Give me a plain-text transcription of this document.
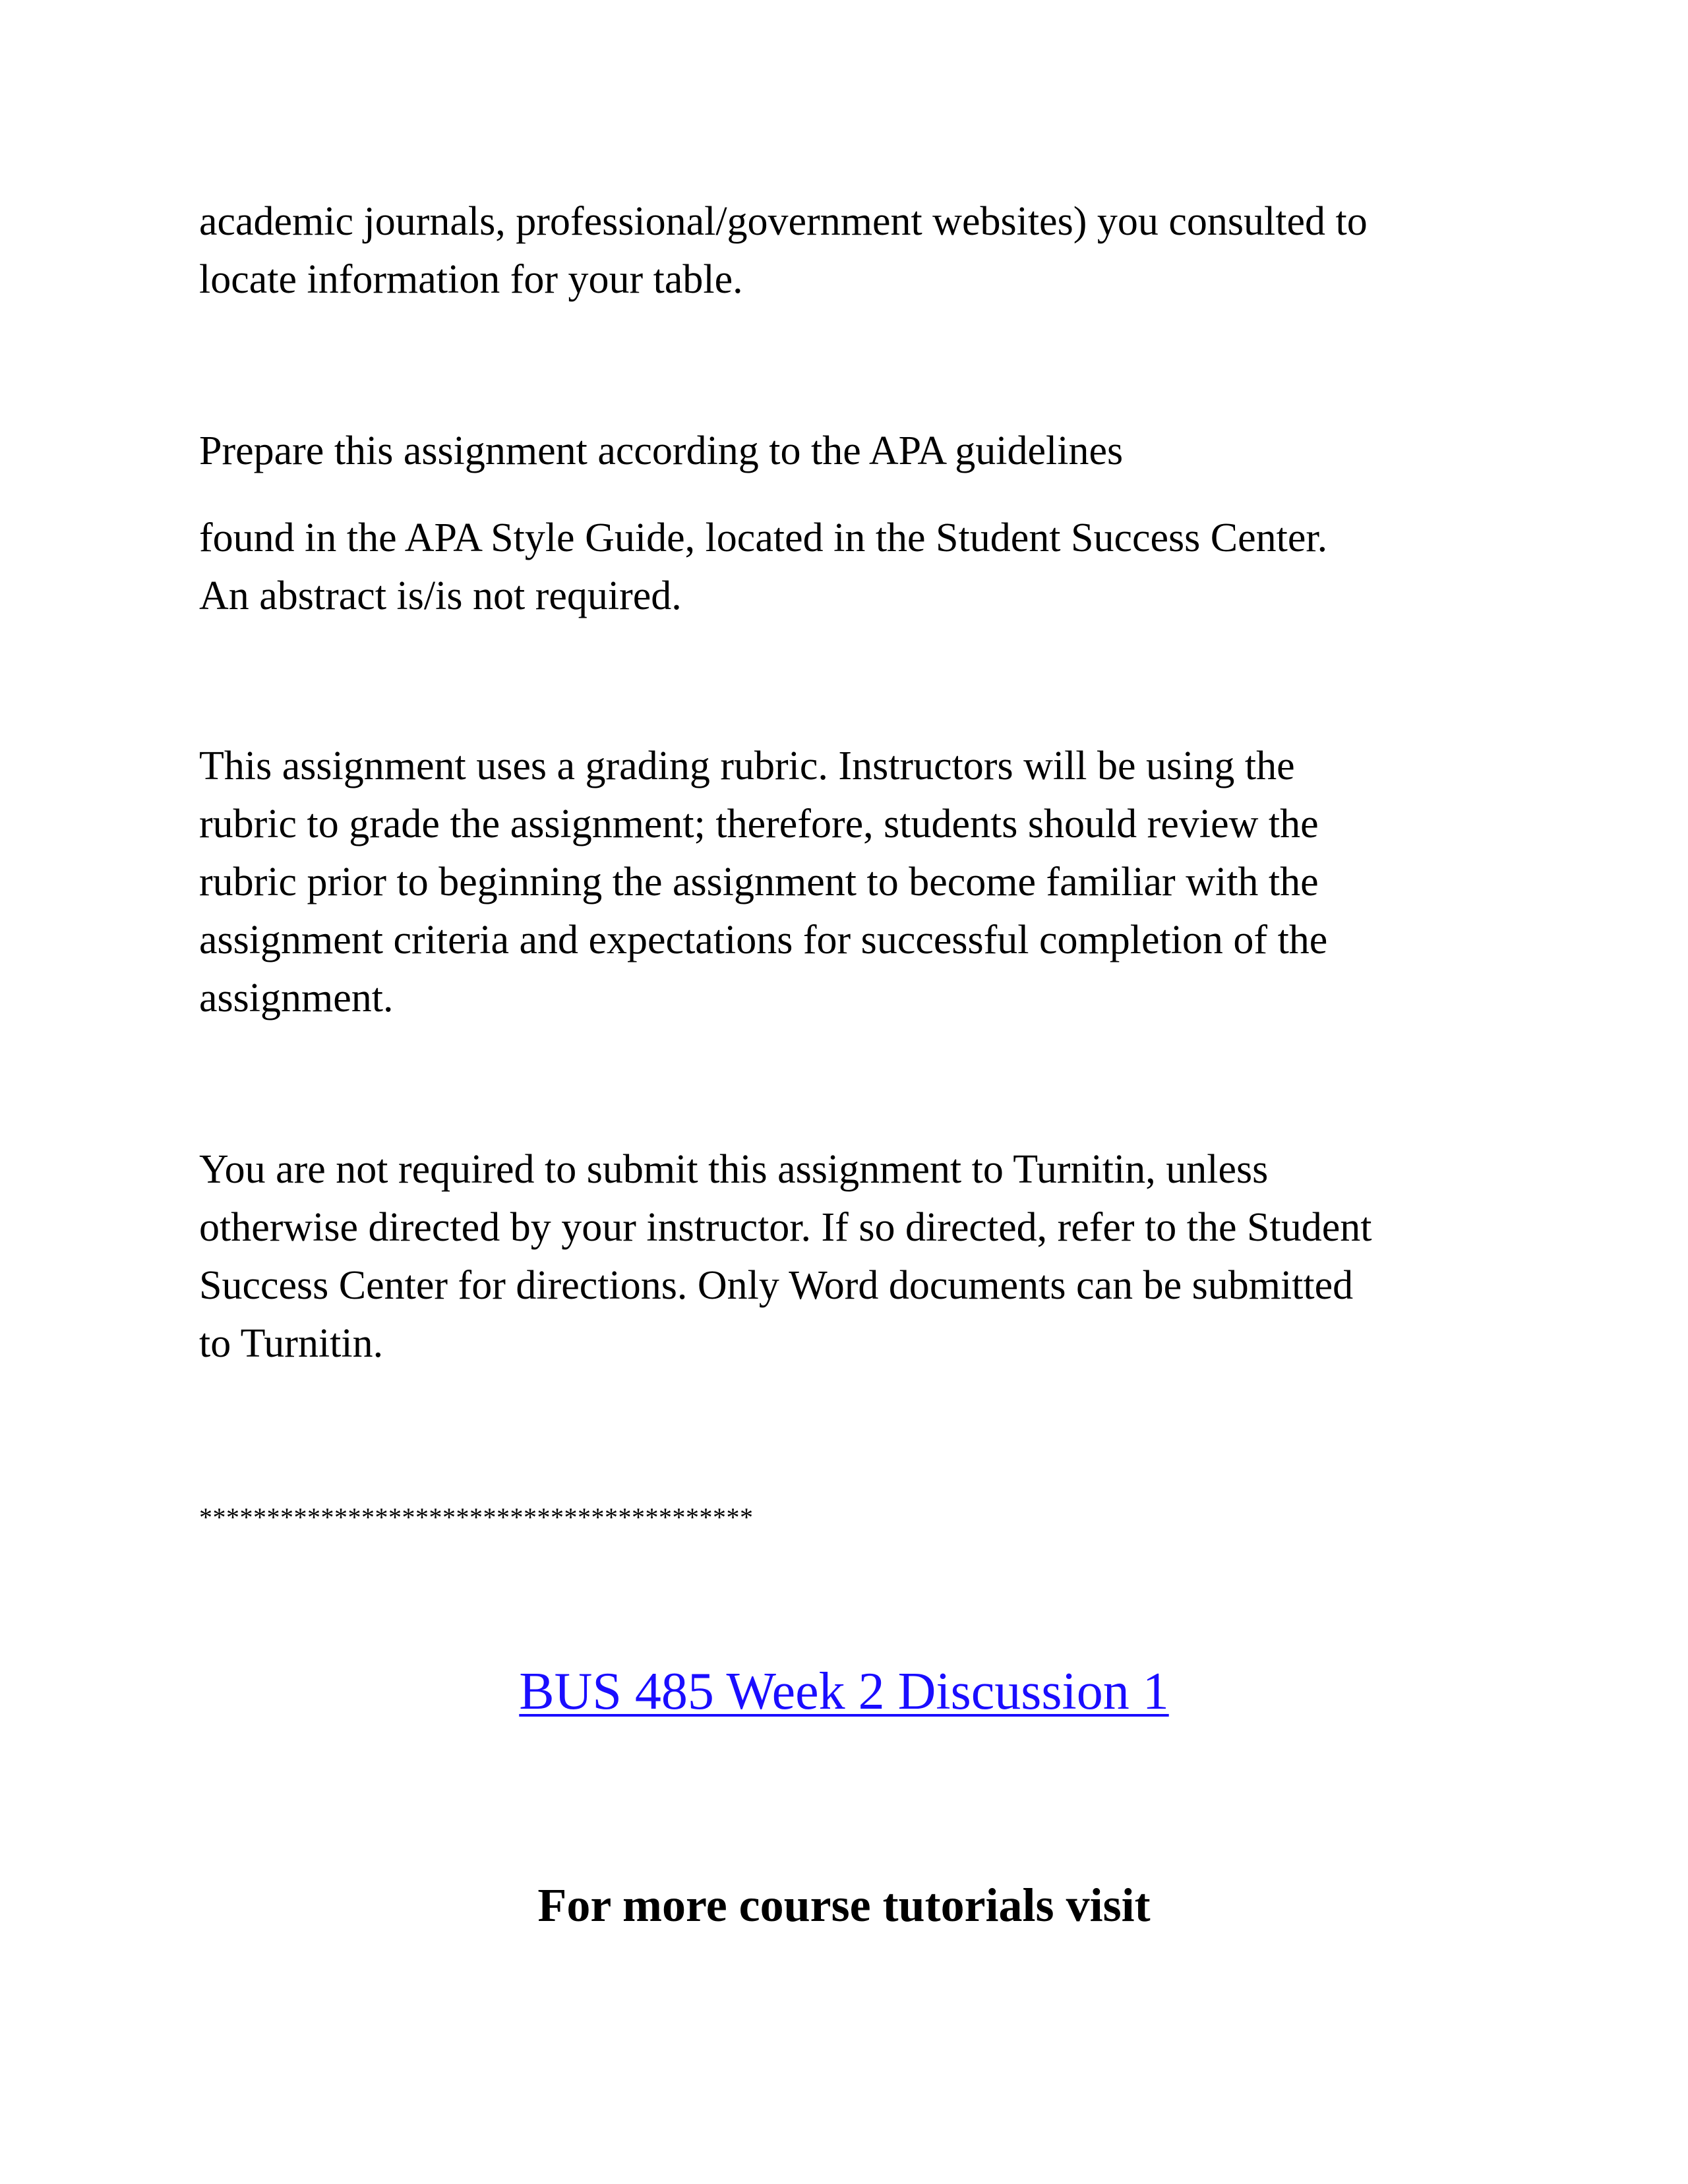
academic journals, professional/government websites) you consulted to
locate information for your table.
Prepare this assignment according to the APA guidelines
found in the APA Style Guide, located in the Student Success Center.
An abstract is/is not required.
This assignment uses a grading rubric. Instructors will be using the
rubric to grade the assignment; therefore, students should review the
rubric prior to beginning the assignment to become familiar with the
assignment criteria and expectations for successful completion of the
assignment.
You are not required to submit this assignment to Turnitin, unless
otherwise directed by your instructor. If so directed, refer to the Student
Success Center for directions. Only Word documents can be submitted
to Turnitin.
*****************************************
BUS 485 Week 2 Discussion 1
For more course tutorials visit
